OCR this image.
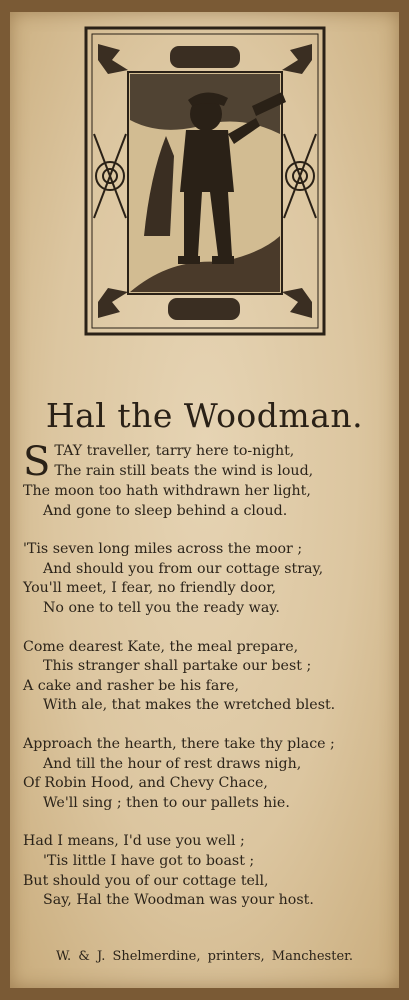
Hal the Woodman.
S TAY traveller, tarry here to-night,
The rain still beats the wind is loud,
The moon too hath withdrawn her light,
And gone to sleep behind a cloud.
'Tis seven long miles across the moor ;
And should you from our cottage stray,
You'll meet, I fear, no friendly door,
No one to tell you the ready way.
Come dearest Kate, the meal prepare,
This stranger shall partake our best ;
A cake and rasher be his fare,
With ale, that makes the wretched blest.
Approach the hearth, there take thy place ;
And till the hour of rest draws nigh,
Of Robin Hood, and Chevy Chace,
We'll sing ; then to our pallets hie.
Had I means, I'd use you well ;
'Tis little I have got to boast ;
But should you of our cottage tell,
Say, Hal the Woodman was your host.
W. & J. Shelmerdine, printers, Manchester.
